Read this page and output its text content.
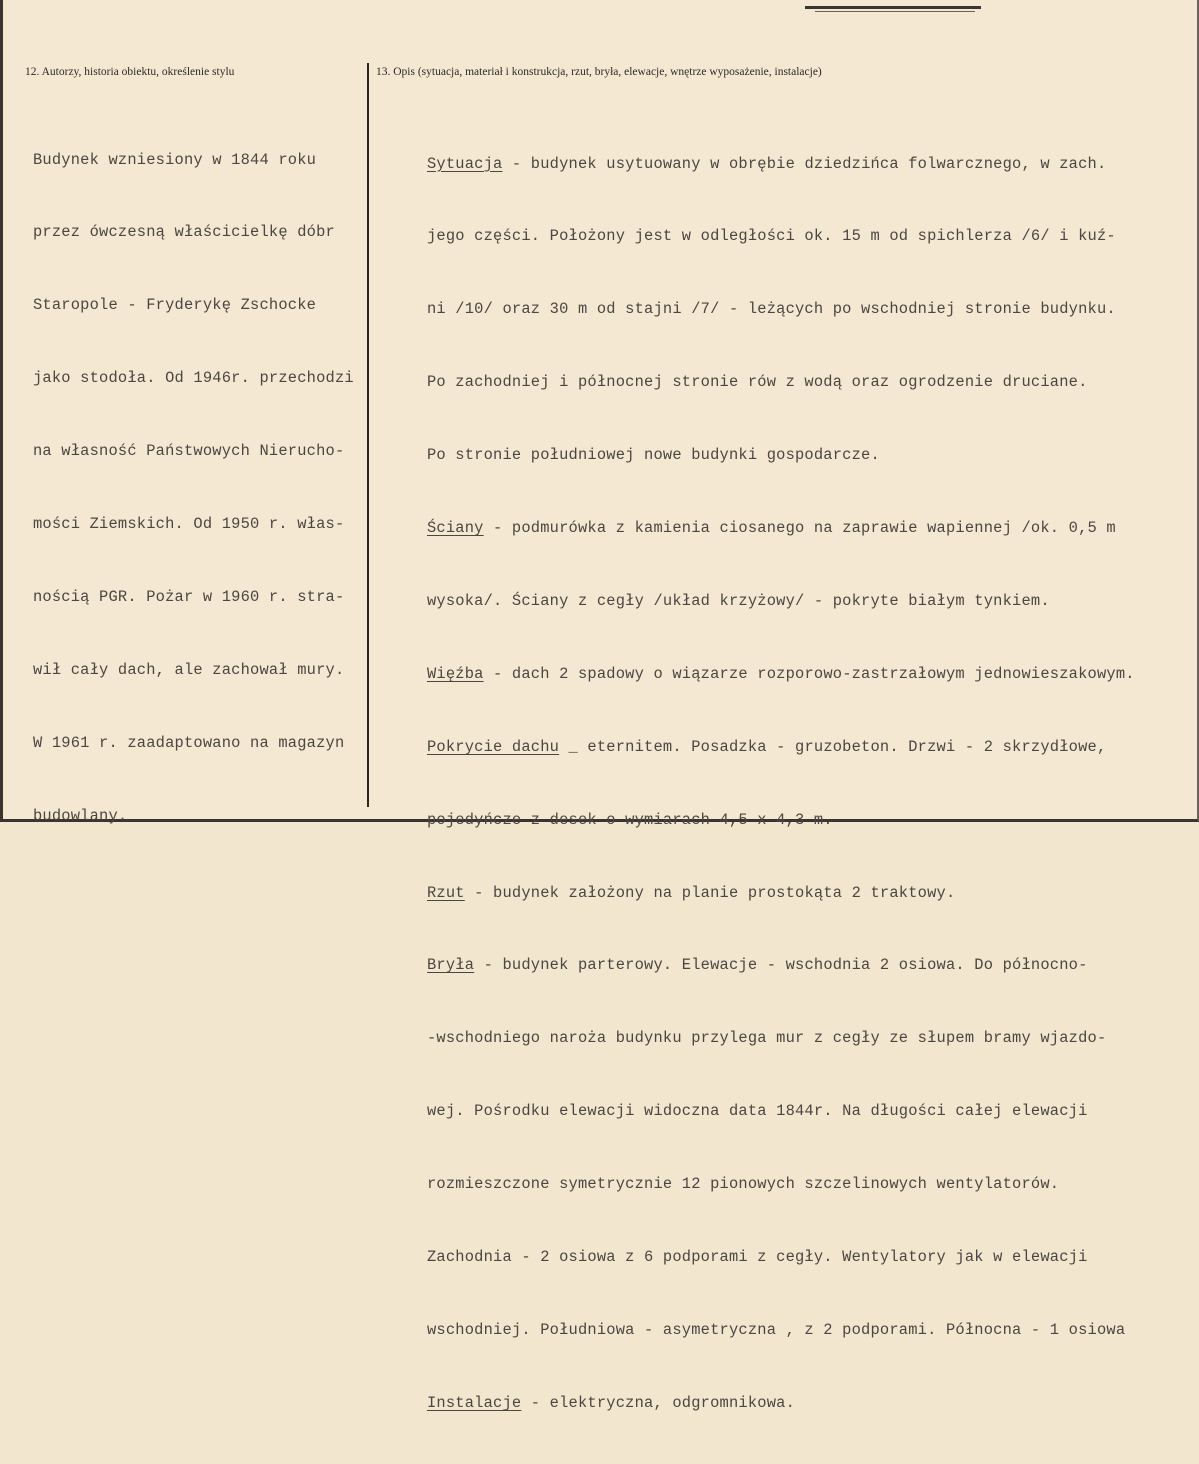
12. Autorzy, historia obiektu, określenie stylu	13. Opis (sytuacja, materiał i konstrukcja, rzut, bryła, elewacje, wnętrze wyposażenie, instalacje)

Budynek wzniesiony w 1844 roku

przez ówczesną właścicielkę dóbr

Staropole - Fryderykę Zschocke

jako stodoła. Od 1946r. przechodzi

na własność Państwowych Nierucho-

mości Ziemskich. Od 1950 r. włas-

nością PGR. Pożar w 1960 r. stra-

wił cały dach, ale zachował mury.

W 1961 r. zaadaptowano na magazyn

budowlany.

Sytuacja - budynek usytuowany w obrębie dziedzińca folwarcznego, w zach.

jego części. Położony jest w odległości ok. 15 m od spichlerza /6/ i kuź-

ni /10/ oraz 30 m od stajni /7/ - leżących po wschodniej stronie budynku.

Po zachodniej i północnej stronie rów z wodą oraz ogrodzenie druciane.

Po stronie południowej nowe budynki gospodarcze.

Ściany - podmurówka z kamienia ciosanego na zaprawie wapiennej /ok. 0,5 m

wysoka/. Ściany z cegły /układ krzyżowy/ - pokryte białym tynkiem.

Więźba - dach 2 spadowy o wiązarze rozporowo-zastrzałowym jednowieszakowym.

Pokrycie dachu _ eternitem. Posadzka - gruzobeton. Drzwi - 2 skrzydłowe,

pojedyńcze z desek o wymiarach 4,5 x 4,3 m.

Rzut - budynek założony na planie prostokąta 2 traktowy.

Bryła - budynek parterowy. Elewacje - wschodnia 2 osiowa. Do północno-

-wschodniego naroża budynku przylega mur z cegły ze słupem bramy wjazdo-

wej. Pośrodku elewacji widoczna data 1844r. Na długości całej elewacji

rozmieszczone symetrycznie 12 pionowych szczelinowych wentylatorów.

Zachodnia - 2 osiowa z 6 podporami z cegły. Wentylatory jak w elewacji

wschodniej. Południowa - asymetryczna , z 2 podporami. Północna - 1 osiowa

Instalacje - elektryczna, odgromnikowa.
